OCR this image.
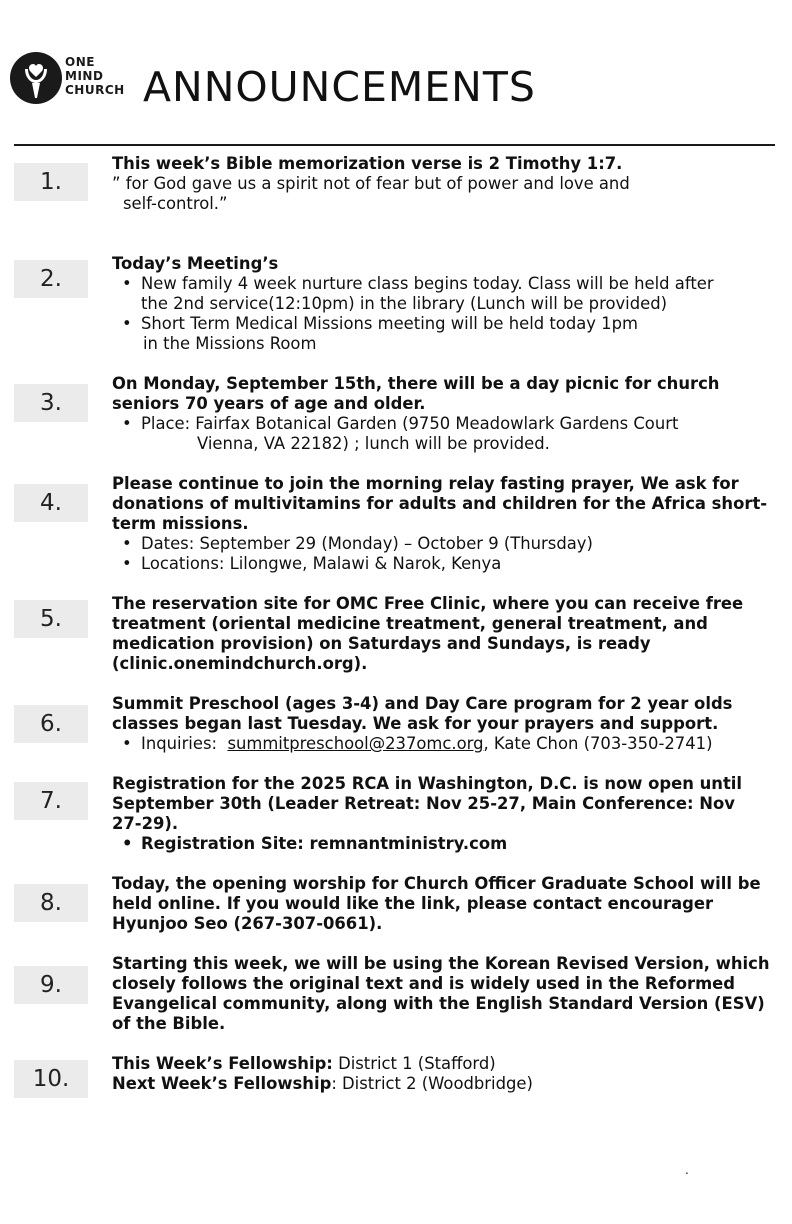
ONE
MIND
CHURCH ANNOUNCEMENTS
1.
This week’s Bible memorization verse is 2 Timothy 1:7.
” for God gave us a spirit not of fear but of power and love and
self-control.”
2.
Today’s Meeting’s
• New family 4 week nurture class begins today. Class will be held after
the 2nd service(12:10pm) in the library (Lunch will be provided)
• Short Term Medical Missions meeting will be held today 1pm
in the Missions Room
3.
On Monday, September 15th, there will be a day picnic for church
seniors 70 years of age and older.
• Place: Fairfax Botanical Garden (9750 Meadowlark Gardens Court
Vienna, VA 22182) ; lunch will be provided.
4.
Please continue to join the morning relay fasting prayer, We ask for
donations of multivitamins for adults and children for the Africa short-
term missions.
• Dates: September 29 (Monday) – October 9 (Thursday)
• Locations: Lilongwe, Malawi & Narok, Kenya
5.
The reservation site for OMC Free Clinic, where you can receive free
treatment (oriental medicine treatment, general treatment, and
medication provision) on Saturdays and Sundays, is ready
(clinic.onemindchurch.org).
6.
Summit Preschool (ages 3-4) and Day Care program for 2 year olds
classes began last Tuesday. We ask for your prayers and support.
• Inquiries: summitpreschool@237omc.org, Kate Chon (703-350-2741)
7.
Registration for the 2025 RCA in Washington, D.C. is now open until
September 30th (Leader Retreat: Nov 25-27, Main Conference: Nov
27-29).
• Registration Site: remnantministry.com
8.
Today, the opening worship for Church Officer Graduate School will be
held online. If you would like the link, please contact encourager
Hyunjoo Seo (267-307-0661).
9.
Starting this week, we will be using the Korean Revised Version, which
closely follows the original text and is widely used in the Reformed
Evangelical community, along with the English Standard Version (ESV)
of the Bible.
10.
This Week’s Fellowship: District 1 (Stafford)
Next Week’s Fellowship: District 2 (Woodbridge)
.
